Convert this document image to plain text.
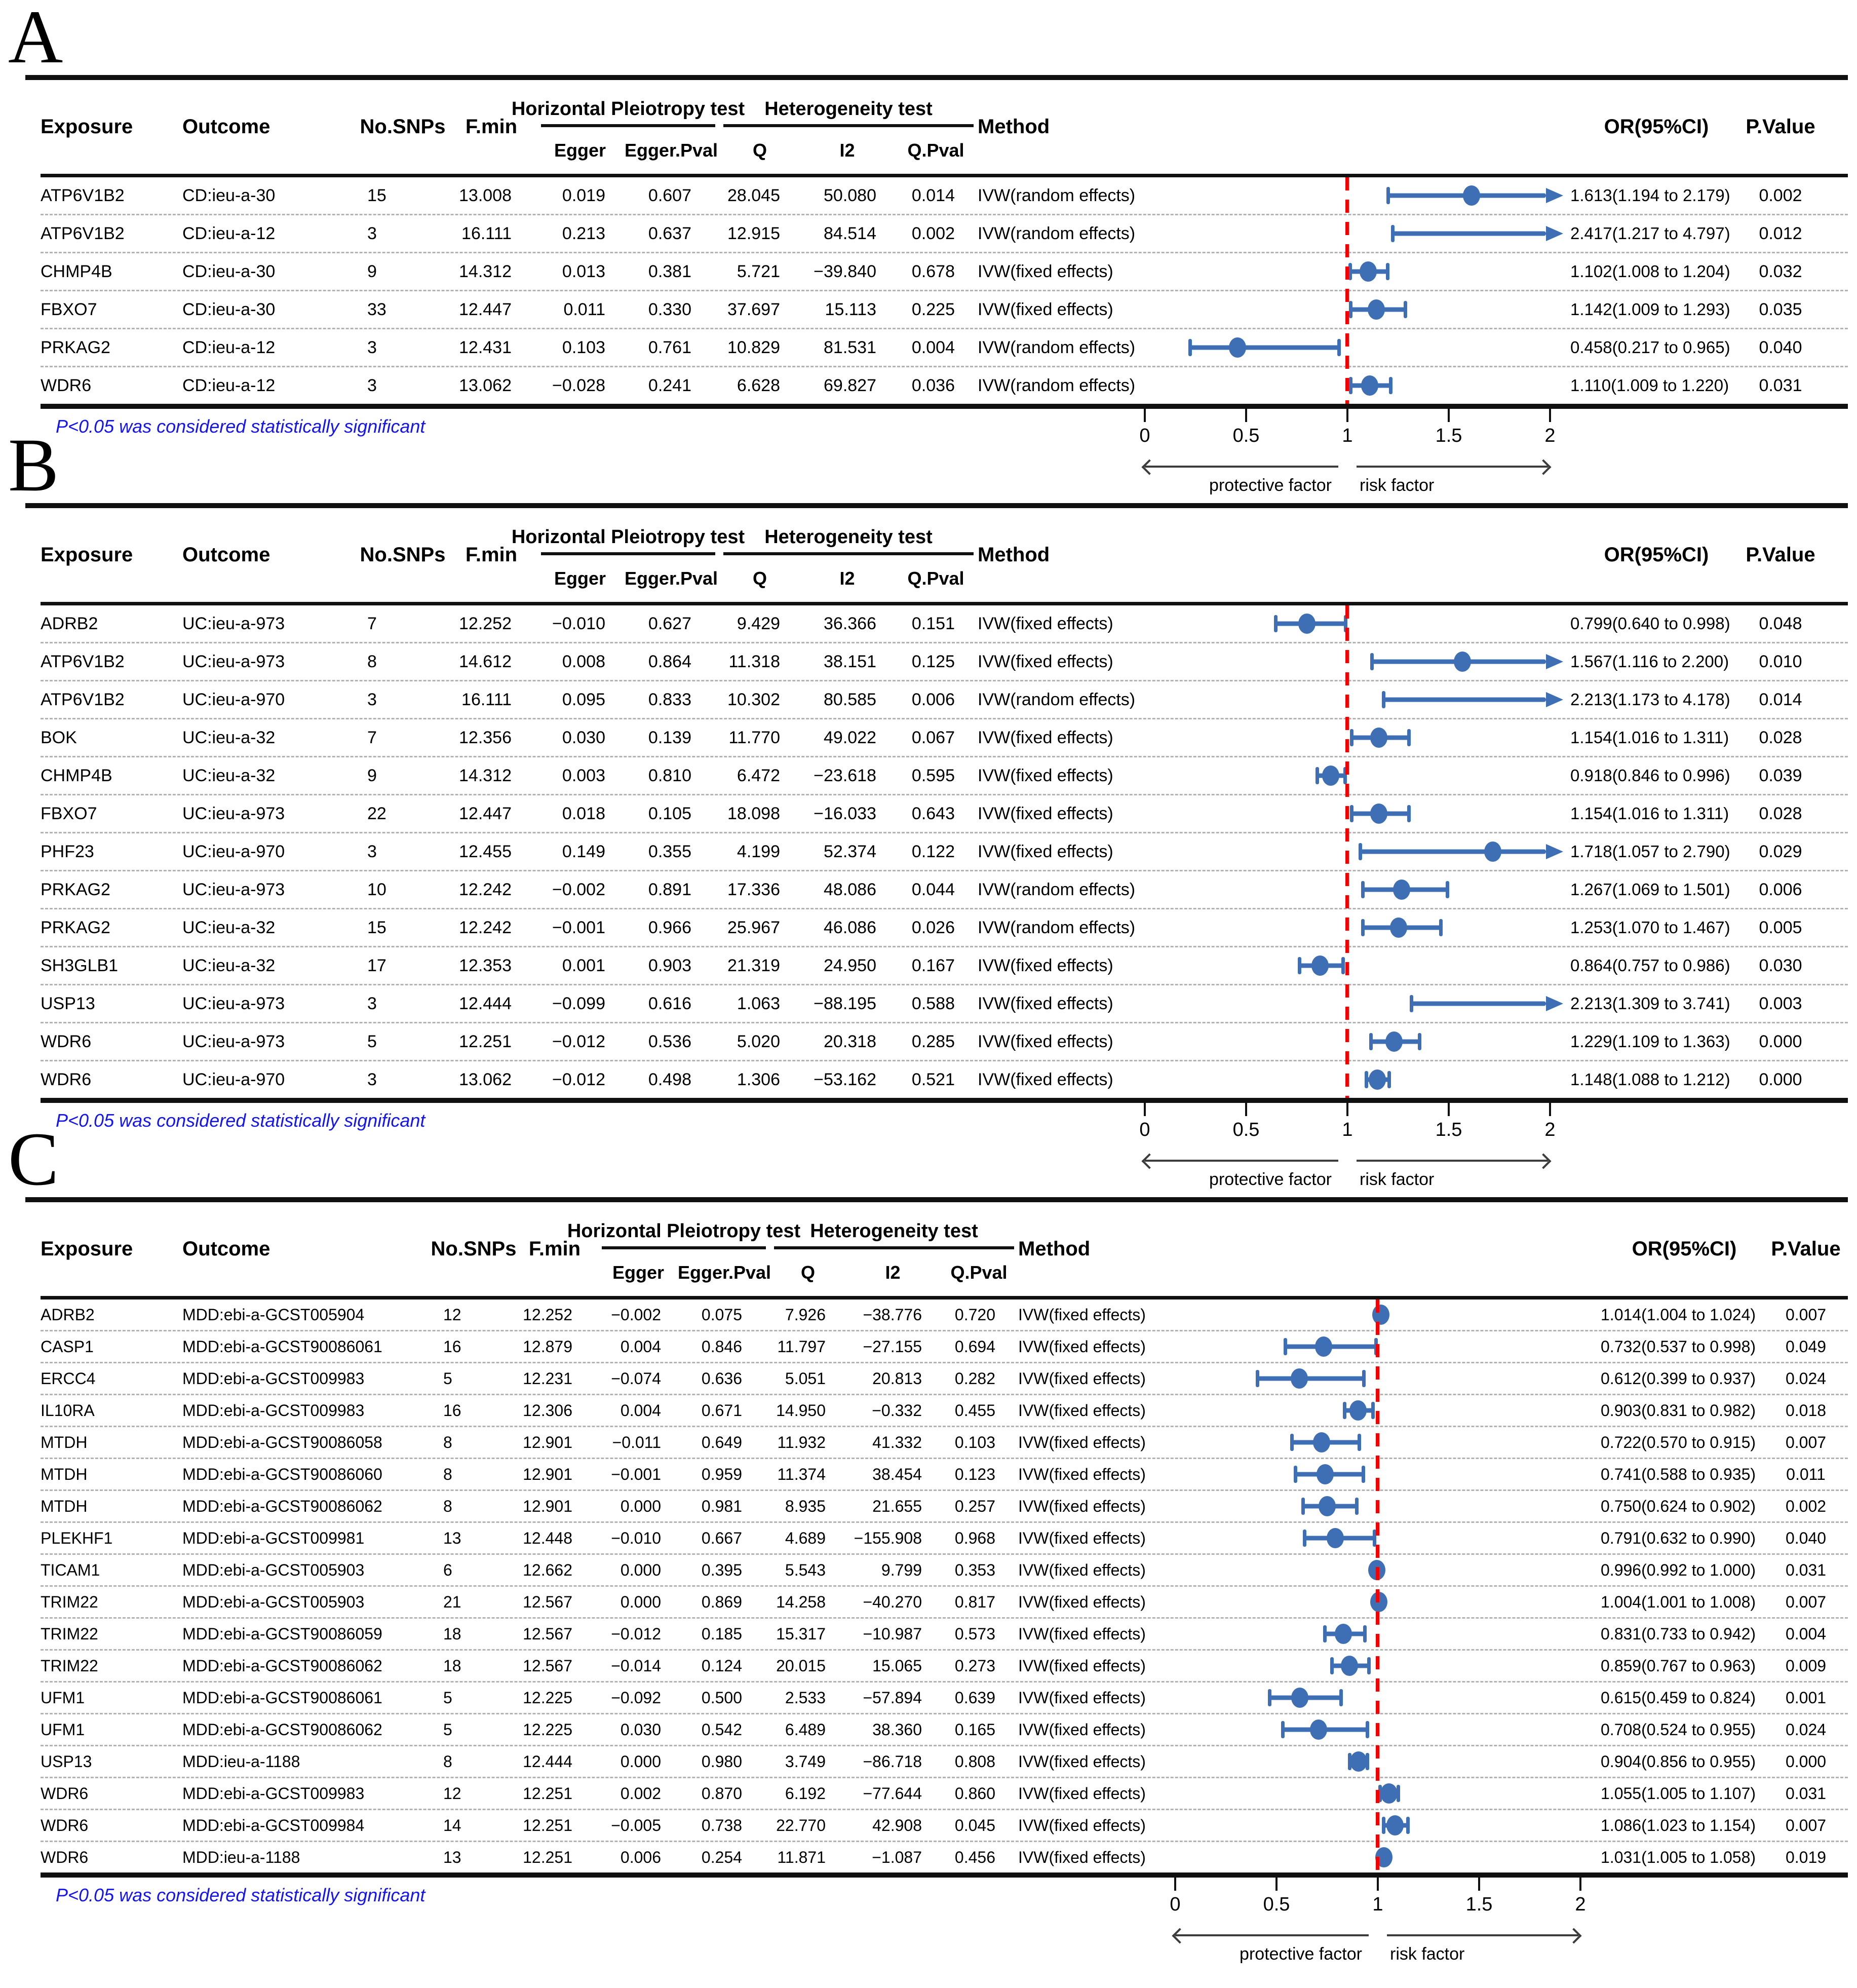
A
Exposure	Outcome	No.SNPs F.min	Method	OR(95%CI)	P.Value
Horizontal Pleiotropy test Heterogeneity test
Egger	Egger.Pval	Q	I2	Q.Pval
ATP6V1B2	CD:ieu-a-30	15	13.008	0.019	0.607	28.045	50.080	0.014	IVW(random effects)	1.613(1.194 to 2.179)	0.002
ATP6V1B2	CD:ieu-a-12	3	16.111	0.213	0.637	12.915	84.514	0.002	IVW(random effects)	2.417(1.217 to 4.797)	0.012
CHMP4B	CD:ieu-a-30	9	14.312	0.013	0.381	5.721	−39.840	0.678	IVW(fixed effects)	1.102(1.008 to 1.204)	0.032
FBXO7	CD:ieu-a-30	33	12.447	0.011	0.330	37.697	15.113	0.225	IVW(fixed effects)	1.142(1.009 to 1.293)	0.035
PRKAG2	CD:ieu-a-12	3	12.431	0.103	0.761	10.829	81.531	0.004	IVW(random effects)	0.458(0.217 to 0.965)	0.040
WDR6	CD:ieu-a-12	3	13.062	−0.028	0.241	6.628	69.827	0.036	IVW(random effects)	1.110(1.009 to 1.220)	0.031
P<0.05 was considered statistically significant	0	0.5	1	1.5	2
protective factor	risk factor
B
Exposure	Outcome	No.SNPs F.min	Method	OR(95%CI)	P.Value
Horizontal Pleiotropy test Heterogeneity test
Egger	Egger.Pval	Q	I2	Q.Pval
ADRB2	UC:ieu-a-973	7	12.252	−0.010	0.627	9.429	36.366	0.151	IVW(fixed effects)	0.799(0.640 to 0.998)	0.048
ATP6V1B2	UC:ieu-a-973	8	14.612	0.008	0.864	11.318	38.151	0.125	IVW(fixed effects)	1.567(1.116 to 2.200)	0.010
ATP6V1B2	UC:ieu-a-970	3	16.111	0.095	0.833	10.302	80.585	0.006	IVW(random effects)	2.213(1.173 to 4.178)	0.014
BOK	UC:ieu-a-32	7	12.356	0.030	0.139	11.770	49.022	0.067	IVW(fixed effects)	1.154(1.016 to 1.311)	0.028
CHMP4B	UC:ieu-a-32	9	14.312	0.003	0.810	6.472	−23.618	0.595	IVW(fixed effects)	0.918(0.846 to 0.996)	0.039
FBXO7	UC:ieu-a-973	22	12.447	0.018	0.105	18.098	−16.033	0.643	IVW(fixed effects)	1.154(1.016 to 1.311)	0.028
PHF23	UC:ieu-a-970	3	12.455	0.149	0.355	4.199	52.374	0.122	IVW(fixed effects)	1.718(1.057 to 2.790)	0.029
PRKAG2	UC:ieu-a-973	10	12.242	−0.002	0.891	17.336	48.086	0.044	IVW(random effects)	1.267(1.069 to 1.501)	0.006
PRKAG2	UC:ieu-a-32	15	12.242	−0.001	0.966	25.967	46.086	0.026	IVW(random effects)	1.253(1.070 to 1.467)	0.005
SH3GLB1	UC:ieu-a-32	17	12.353	0.001	0.903	21.319	24.950	0.167	IVW(fixed effects)	0.864(0.757 to 0.986)	0.030
USP13	UC:ieu-a-973	3	12.444	−0.099	0.616	1.063	−88.195	0.588	IVW(fixed effects)	2.213(1.309 to 3.741)	0.003
WDR6	UC:ieu-a-973	5	12.251	−0.012	0.536	5.020	20.318	0.285	IVW(fixed effects)	1.229(1.109 to 1.363)	0.000
WDR6	UC:ieu-a-970	3	13.062	−0.012	0.498	1.306	−53.162	0.521	IVW(fixed effects)	1.148(1.088 to 1.212)	0.000
P<0.05 was considered statistically significant	0	0.5	1	1.5	2
protective factor	risk factor
C
Exposure	Outcome	No.SNPs F.min	Method	OR(95%CI)	P.Value
Horizontal Pleiotropy test Heterogeneity test
Egger Egger.Pval	Q	I2	Q.Pval
ADRB2	MDD:ebi-a-GCST005904	12	12.252	−0.002	0.075	7.926	−38.776	0.720	IVW(fixed effects)	1.014(1.004 to 1.024)	0.007
CASP1	MDD:ebi-a-GCST90086061	16	12.879	0.004	0.846	11.797	−27.155	0.694	IVW(fixed effects)	0.732(0.537 to 0.998)	0.049
ERCC4	MDD:ebi-a-GCST009983	5	12.231	−0.074	0.636	5.051	20.813	0.282	IVW(fixed effects)	0.612(0.399 to 0.937)	0.024
IL10RA	MDD:ebi-a-GCST009983	16	12.306	0.004	0.671	14.950	−0.332	0.455	IVW(fixed effects)	0.903(0.831 to 0.982)	0.018
MTDH	MDD:ebi-a-GCST90086058	8	12.901	−0.011	0.649	11.932	41.332	0.103	IVW(fixed effects)	0.722(0.570 to 0.915)	0.007
MTDH	MDD:ebi-a-GCST90086060	8	12.901	−0.001	0.959	11.374	38.454	0.123	IVW(fixed effects)	0.741(0.588 to 0.935)	0.011
MTDH	MDD:ebi-a-GCST90086062	8	12.901	0.000	0.981	8.935	21.655	0.257	IVW(fixed effects)	0.750(0.624 to 0.902)	0.002
PLEKHF1	MDD:ebi-a-GCST009981	13	12.448	−0.010	0.667	4.689	−155.908	0.968	IVW(fixed effects)	0.791(0.632 to 0.990)	0.040
TICAM1	MDD:ebi-a-GCST005903	6	12.662	0.000	0.395	5.543	9.799	0.353	IVW(fixed effects)	0.996(0.992 to 1.000)	0.031
TRIM22	MDD:ebi-a-GCST005903	21	12.567	0.000	0.869	14.258	−40.270	0.817	IVW(fixed effects)	1.004(1.001 to 1.008)	0.007
TRIM22	MDD:ebi-a-GCST90086059	18	12.567	−0.012	0.185	15.317	−10.987	0.573	IVW(fixed effects)	0.831(0.733 to 0.942)	0.004
TRIM22	MDD:ebi-a-GCST90086062	18	12.567	−0.014	0.124	20.015	15.065	0.273	IVW(fixed effects)	0.859(0.767 to 0.963)	0.009
UFM1	MDD:ebi-a-GCST90086061	5	12.225	−0.092	0.500	2.533	−57.894	0.639	IVW(fixed effects)	0.615(0.459 to 0.824)	0.001
UFM1	MDD:ebi-a-GCST90086062	5	12.225	0.030	0.542	6.489	38.360	0.165	IVW(fixed effects)	0.708(0.524 to 0.955)	0.024
USP13	MDD:ieu-a-1188	8	12.444	0.000	0.980	3.749	−86.718	0.808	IVW(fixed effects)	0.904(0.856 to 0.955)	0.000
WDR6	MDD:ebi-a-GCST009983	12	12.251	0.002	0.870	6.192	−77.644	0.860	IVW(fixed effects)	1.055(1.005 to 1.107)	0.031
WDR6	MDD:ebi-a-GCST009984	14	12.251	−0.005	0.738	22.770	42.908	0.045	IVW(fixed effects)	1.086(1.023 to 1.154)	0.007
WDR6	MDD:ieu-a-1188	13	12.251	0.006	0.254	11.871	−1.087	0.456	IVW(fixed effects)	1.031(1.005 to 1.058)	0.019
P<0.05 was considered statistically significant	0	0.5	1	1.5	2
protective factor	risk factor
